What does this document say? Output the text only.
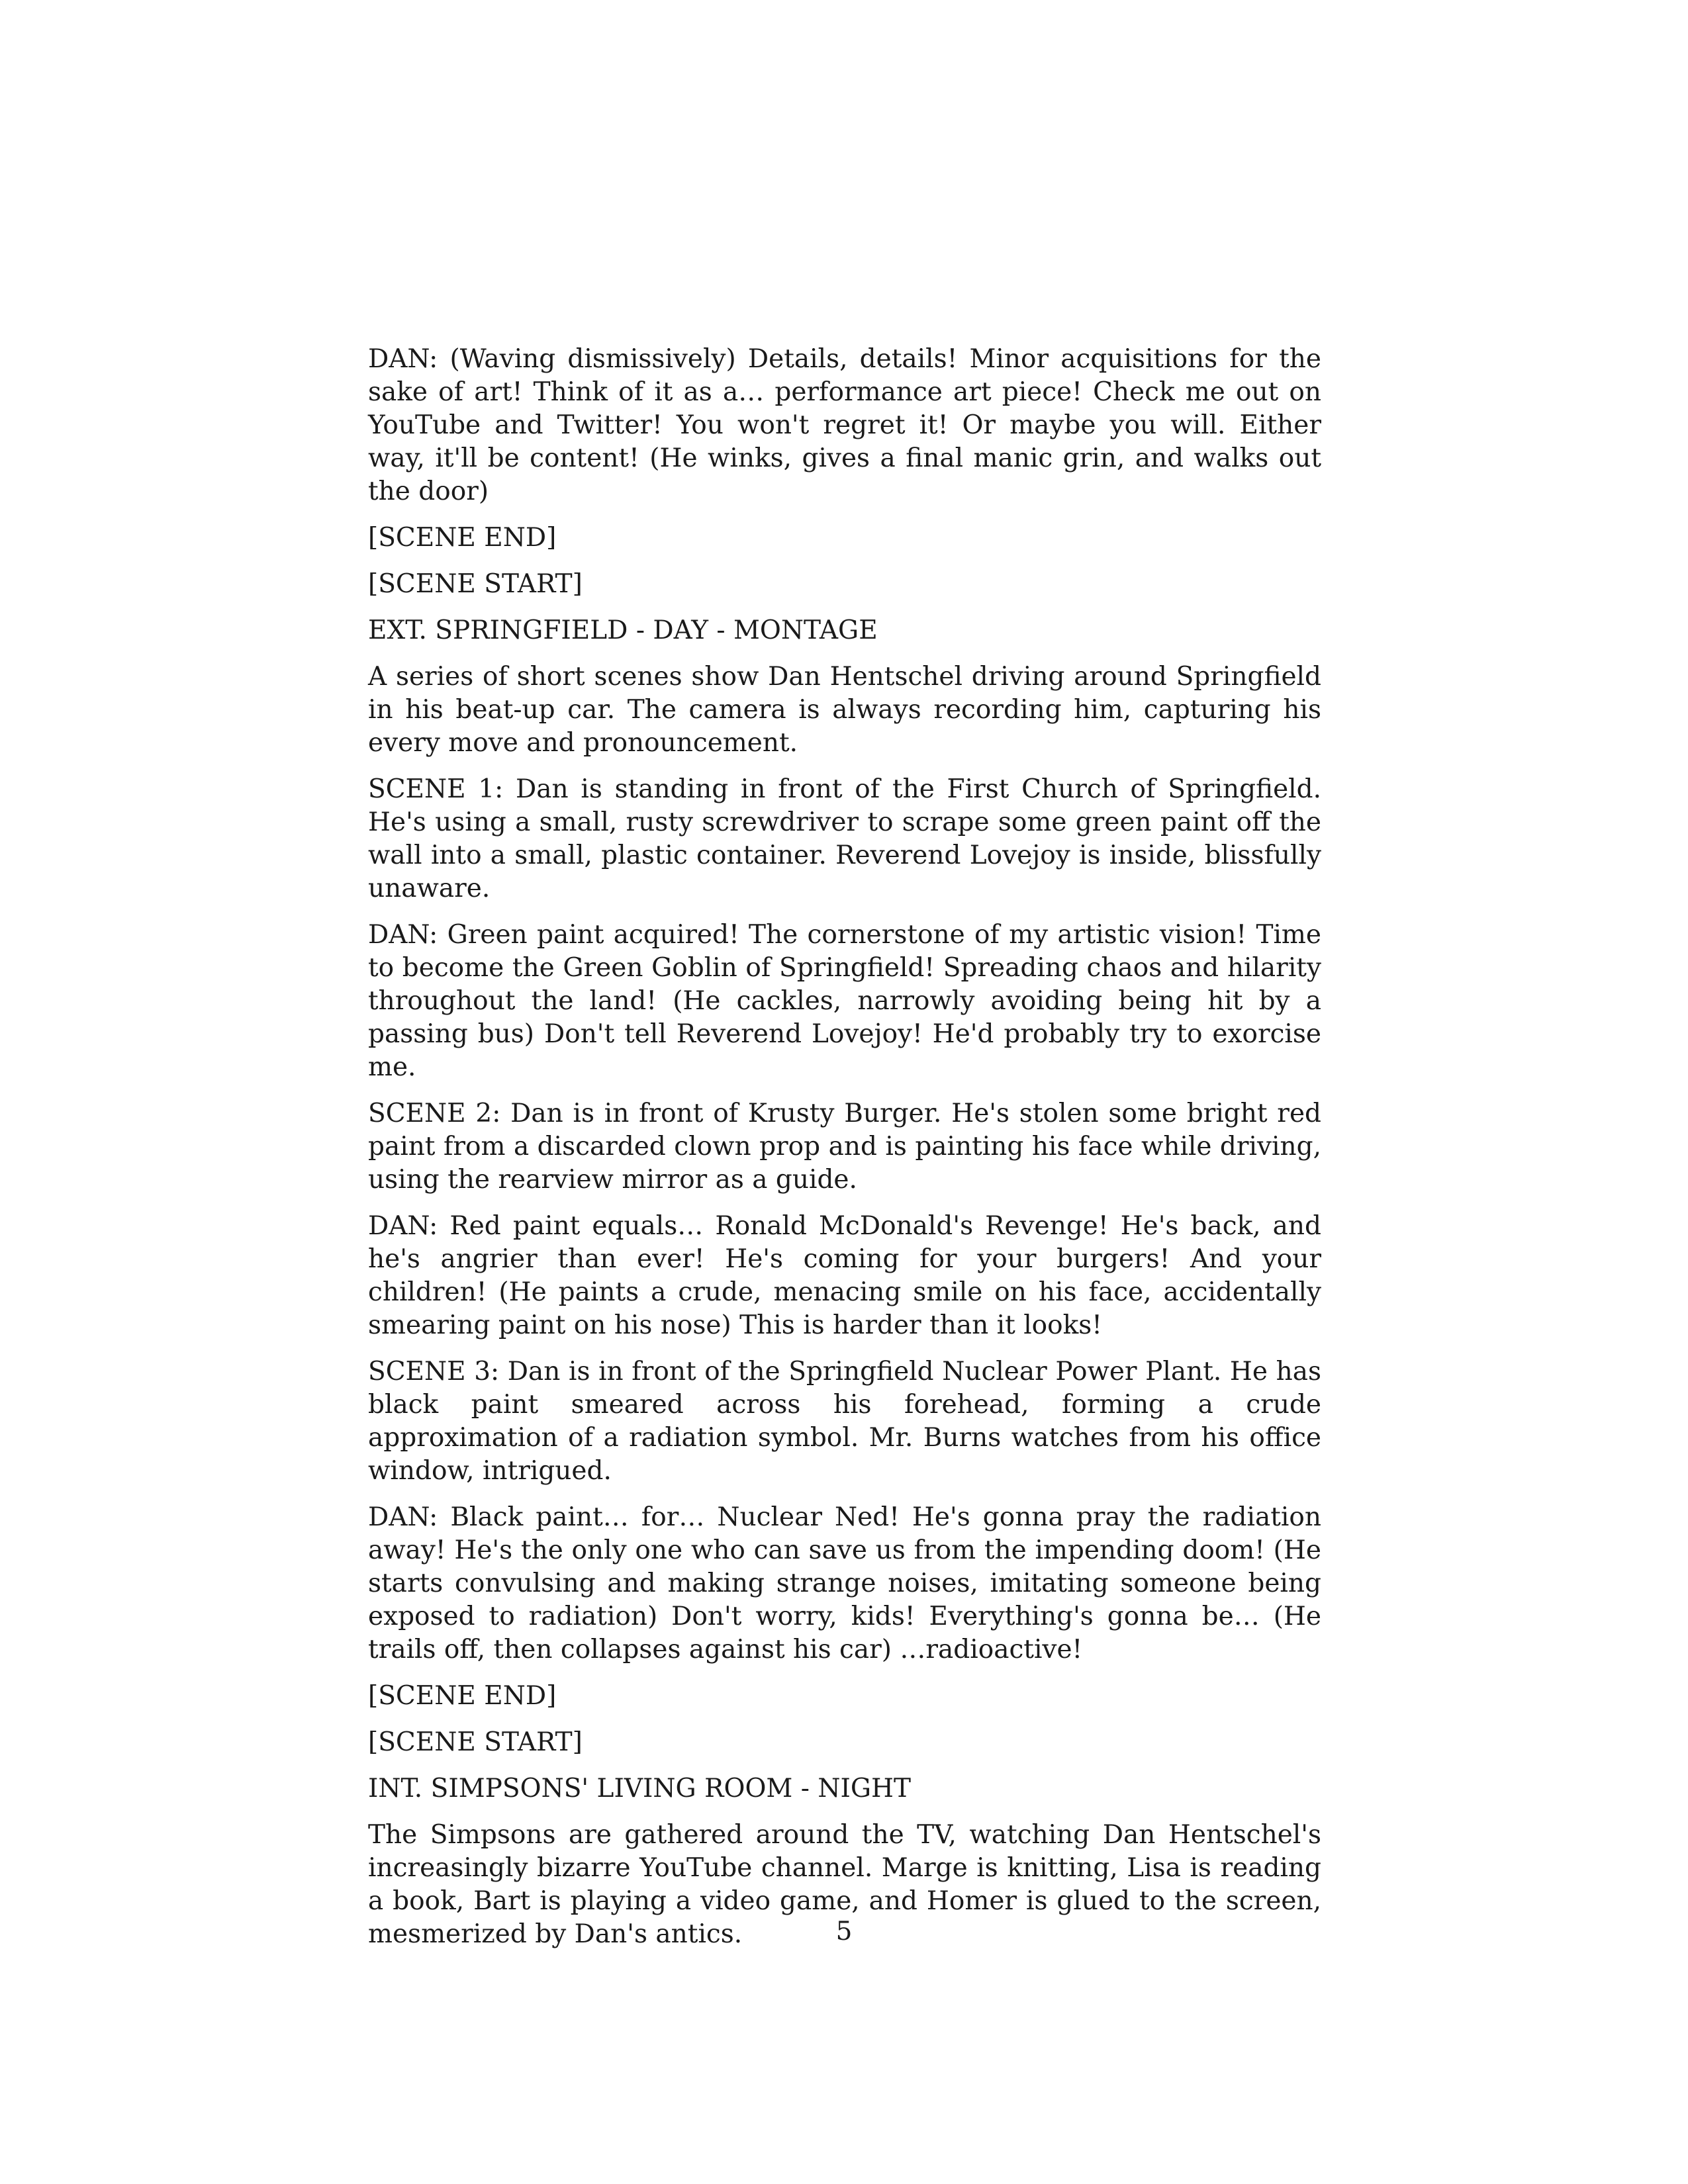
DAN: (Waving dismissively) Details, details! Minor acquisitions for the sake of art! Think of it as a… performance art piece! Check me out on YouTube and Twitter! You won't regret it! Or maybe you will. Either way, it'll be content! (He winks, gives a final manic grin, and walks out the door)

[SCENE END]

[SCENE START]

EXT. SPRINGFIELD - DAY - MONTAGE

A series of short scenes show Dan Hentschel driving around Springfield in his beat-up car. The camera is always recording him, capturing his every move and pronouncement.

SCENE 1: Dan is standing in front of the First Church of Springfield. He's using a small, rusty screwdriver to scrape some green paint off the wall into a small, plastic container. Reverend Lovejoy is inside, blissfully unaware.

DAN: Green paint acquired! The cornerstone of my artistic vision! Time to become the Green Goblin of Springfield! Spreading chaos and hilarity throughout the land! (He cackles, narrowly avoiding being hit by a passing bus) Don't tell Reverend Lovejoy! He'd probably try to exorcise me.

SCENE 2: Dan is in front of Krusty Burger. He's stolen some bright red paint from a discarded clown prop and is painting his face while driving, using the rearview mirror as a guide.

DAN: Red paint equals… Ronald McDonald's Revenge! He's back, and he's angrier than ever! He's coming for your burgers! And your children! (He paints a crude, menacing smile on his face, accidentally smearing paint on his nose) This is harder than it looks!

SCENE 3: Dan is in front of the Springfield Nuclear Power Plant. He has black paint smeared across his forehead, forming a crude approximation of a radiation symbol. Mr. Burns watches from his office window, intrigued.

DAN: Black paint… for… Nuclear Ned! He's gonna pray the radiation away! He's the only one who can save us from the impending doom! (He starts convulsing and making strange noises, imitating someone being exposed to radiation) Don't worry, kids! Everything's gonna be… (He trails off, then collapses against his car) …radioactive!

[SCENE END]

[SCENE START]

INT. SIMPSONS' LIVING ROOM - NIGHT

The Simpsons are gathered around the TV, watching Dan Hentschel's increasingly bizarre YouTube channel. Marge is knitting, Lisa is reading a book, Bart is playing a video game, and Homer is glued to the screen, mesmerized by Dan's antics.	5
